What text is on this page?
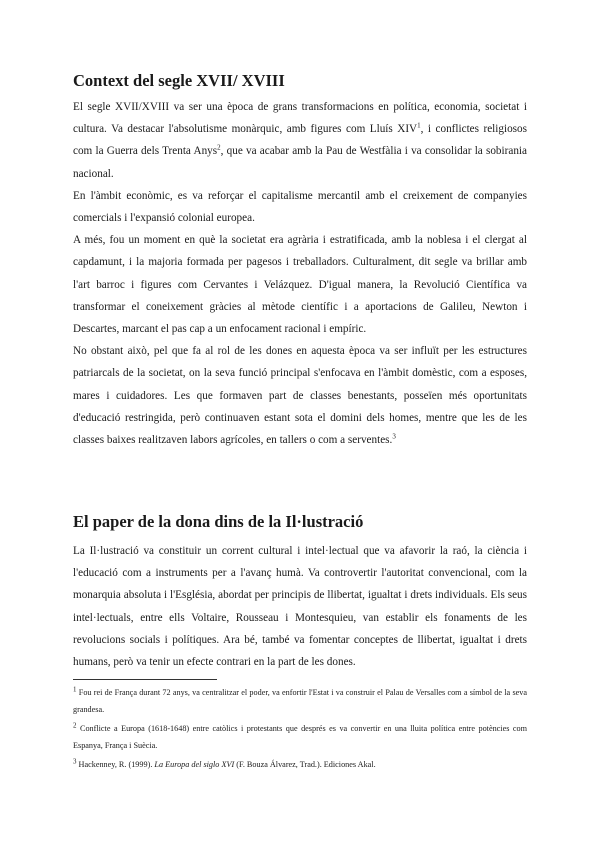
Context del segle XVII/ XVIII

El segle XVII/XVIII va ser una època de grans transformacions en política, economia, societat i cultura. Va destacar l'absolutisme monàrquic, amb figures com Lluís XIV$^1$, i conflictes religiosos com la Guerra dels Trenta Anys$^2$, que va acabar amb la Pau de Westfàlia i va consolidar la sobirania nacional.

En l'àmbit econòmic, es va reforçar el capitalisme mercantil amb el creixement de companyies comercials i l'expansió colonial europea.

A més, fou un moment en què la societat era agrària i estratificada, amb la noblesa i el clergat al capdamunt, i la majoria formada per pagesos i treballadors. Culturalment, dit segle va brillar amb l'art barroc i figures com Cervantes i Velázquez. D'igual manera, la Revolució Científica va transformar el coneixement gràcies al mètode científic i a aportacions de Galileu, Newton i Descartes, marcant el pas cap a un enfocament racional i empíric.

No obstant això, pel que fa al rol de les dones en aquesta època va ser influït per les estructures patriarcals de la societat, on la seva funció principal s'enfocava en l'àmbit domèstic, com a esposes, mares i cuidadores. Les que formaven part de classes benestants, posseïen més oportunitats d'educació restringida, però continuaven estant sota el domini dels homes, mentre que les de les classes baixes realitzaven labors agrícoles, en tallers o com a serventes.$^3$

El paper de la dona dins de la Il·lustració

La Il·lustració va constituir un corrent cultural i intel·lectual que va afavorir la raó, la ciència i l'educació com a instruments per a l'avanç humà. Va controvertir l'autoritat convencional, com la monarquia absoluta i l'Església, abordat per principis de llibertat, igualtat i drets individuals. Els seus intel·lectuals, entre ells Voltaire, Rousseau i Montesquieu, van establir els fonaments de les revolucions socials i polítiques. Ara bé, també va fomentar conceptes de llibertat, igualtat i drets humans, però va tenir un efecte contrari en la part de les dones.

$^1$ Fou rei de França durant 72 anys, va centralitzar el poder, va enfortir l'Estat i va construir el Palau de Versalles com a símbol de la seva grandesa.

$^2$ Conflicte a Europa (1618-1648) entre catòlics i protestants que després es va convertir en una lluita política entre potències com Espanya, França i Suècia.

$^3$ Hackenney, R. (1999). La Europa del siglo XVI (F. Bouza Álvarez, Trad.). Ediciones Akal.
